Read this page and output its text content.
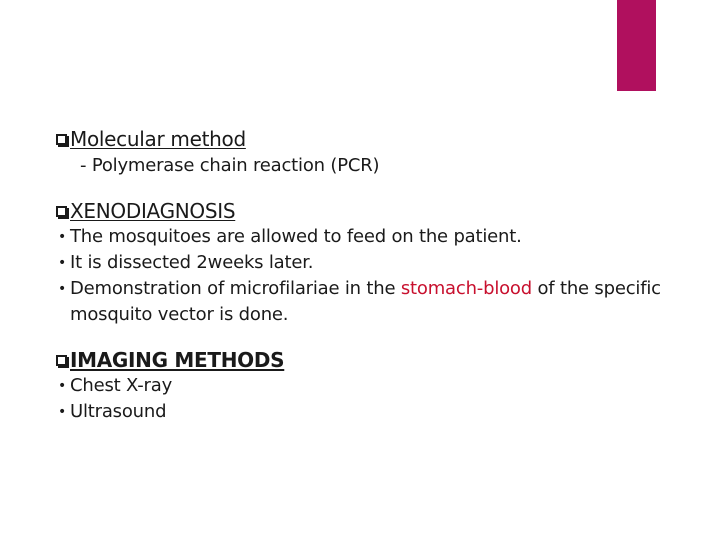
Molecular method
- Polymerase chain reaction (PCR)
XENODIAGNOSIS
• The mosquitoes are allowed to feed on the patient.
• It is dissected 2weeks later.
• Demonstration of microfilariae in the stomach-blood of the specific mosquito vector is done.
IMAGING METHODS
• Chest X-ray
• Ultrasound
